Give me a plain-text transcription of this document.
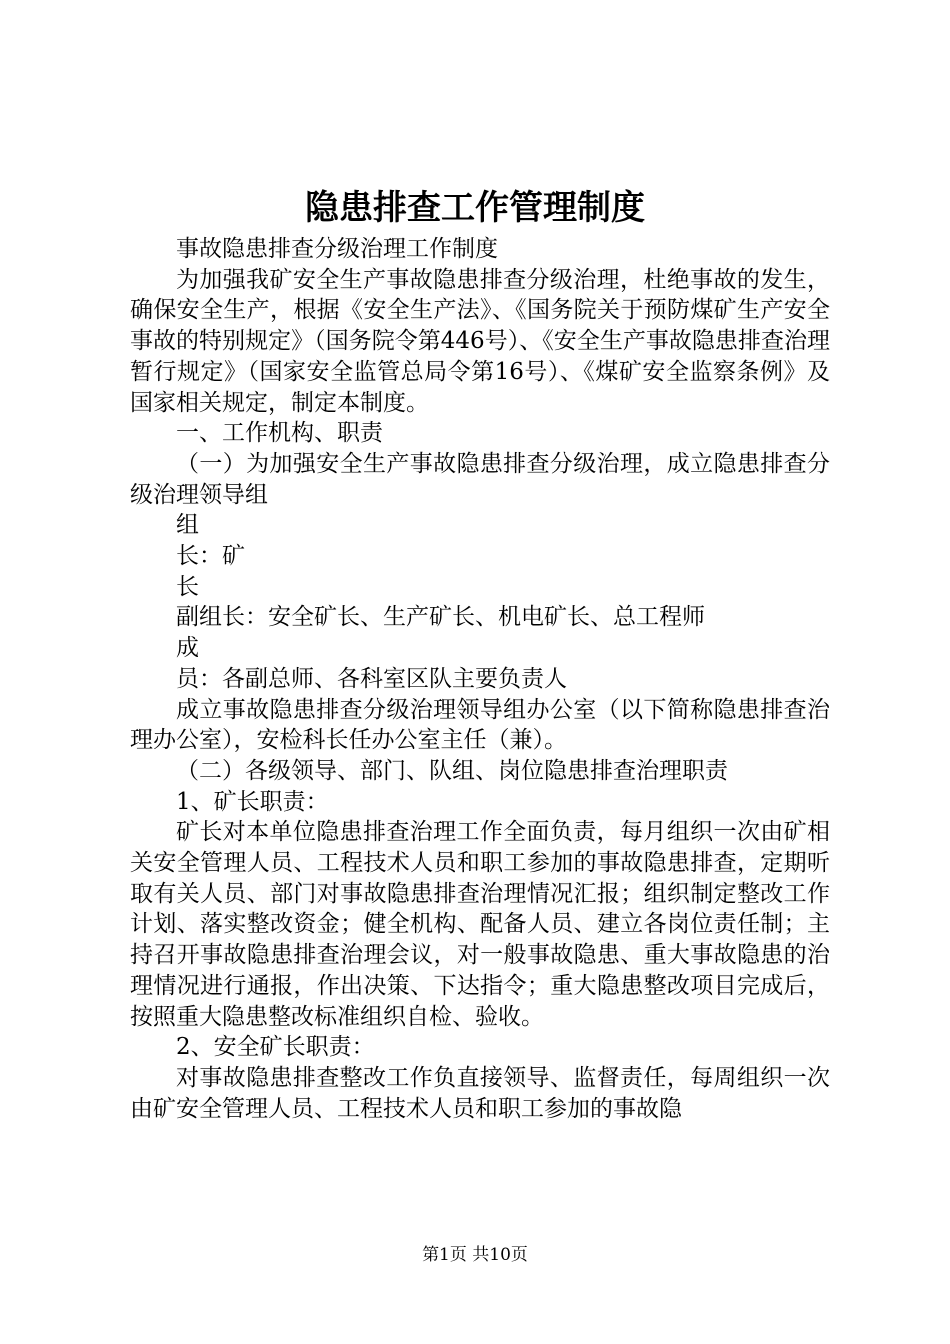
隐患排查工作管理制度

事故隐患排查分级治理工作制度

为加强我矿安全生产事故隐患排查分级治理，杜绝事故的发生，确保安全生产，根据《安全生产法》、《国务院关于预防煤矿生产安全事故的特别规定》（国务院令第446号）、《安全生产事故隐患排查治理暂行规定》（国家安全监管总局令第16号）、《煤矿安全监察条例》及国家相关规定，制定本制度。

一、工作机构、职责

（一）为加强安全生产事故隐患排查分级治理，成立隐患排查分级治理领导组

组

长：矿

长

副组长：安全矿长、生产矿长、机电矿长、总工程师

成

员：各副总师、各科室区队主要负责人

成立事故隐患排查分级治理领导组办公室（以下简称隐患排查治理办公室），安检科长任办公室主任（兼）。

（二）各级领导、部门、队组、岗位隐患排查治理职责

1、矿长职责：

矿长对本单位隐患排查治理工作全面负责，每月组织一次由矿相关安全管理人员、工程技术人员和职工参加的事故隐患排查，定期听取有关人员、部门对事故隐患排查治理情况汇报；组织制定整改工作计划、落实整改资金；健全机构、配备人员、建立各岗位责任制；主持召开事故隐患排查治理会议，对一般事故隐患、重大事故隐患的治理情况进行通报，作出决策、下达指令；重大隐患整改项目完成后，按照重大隐患整改标准组织自检、验收。

2、安全矿长职责：

对事故隐患排查整改工作负直接领导、监督责任，每周组织一次由矿安全管理人员、工程技术人员和职工参加的事故隐

第1页 共10页
